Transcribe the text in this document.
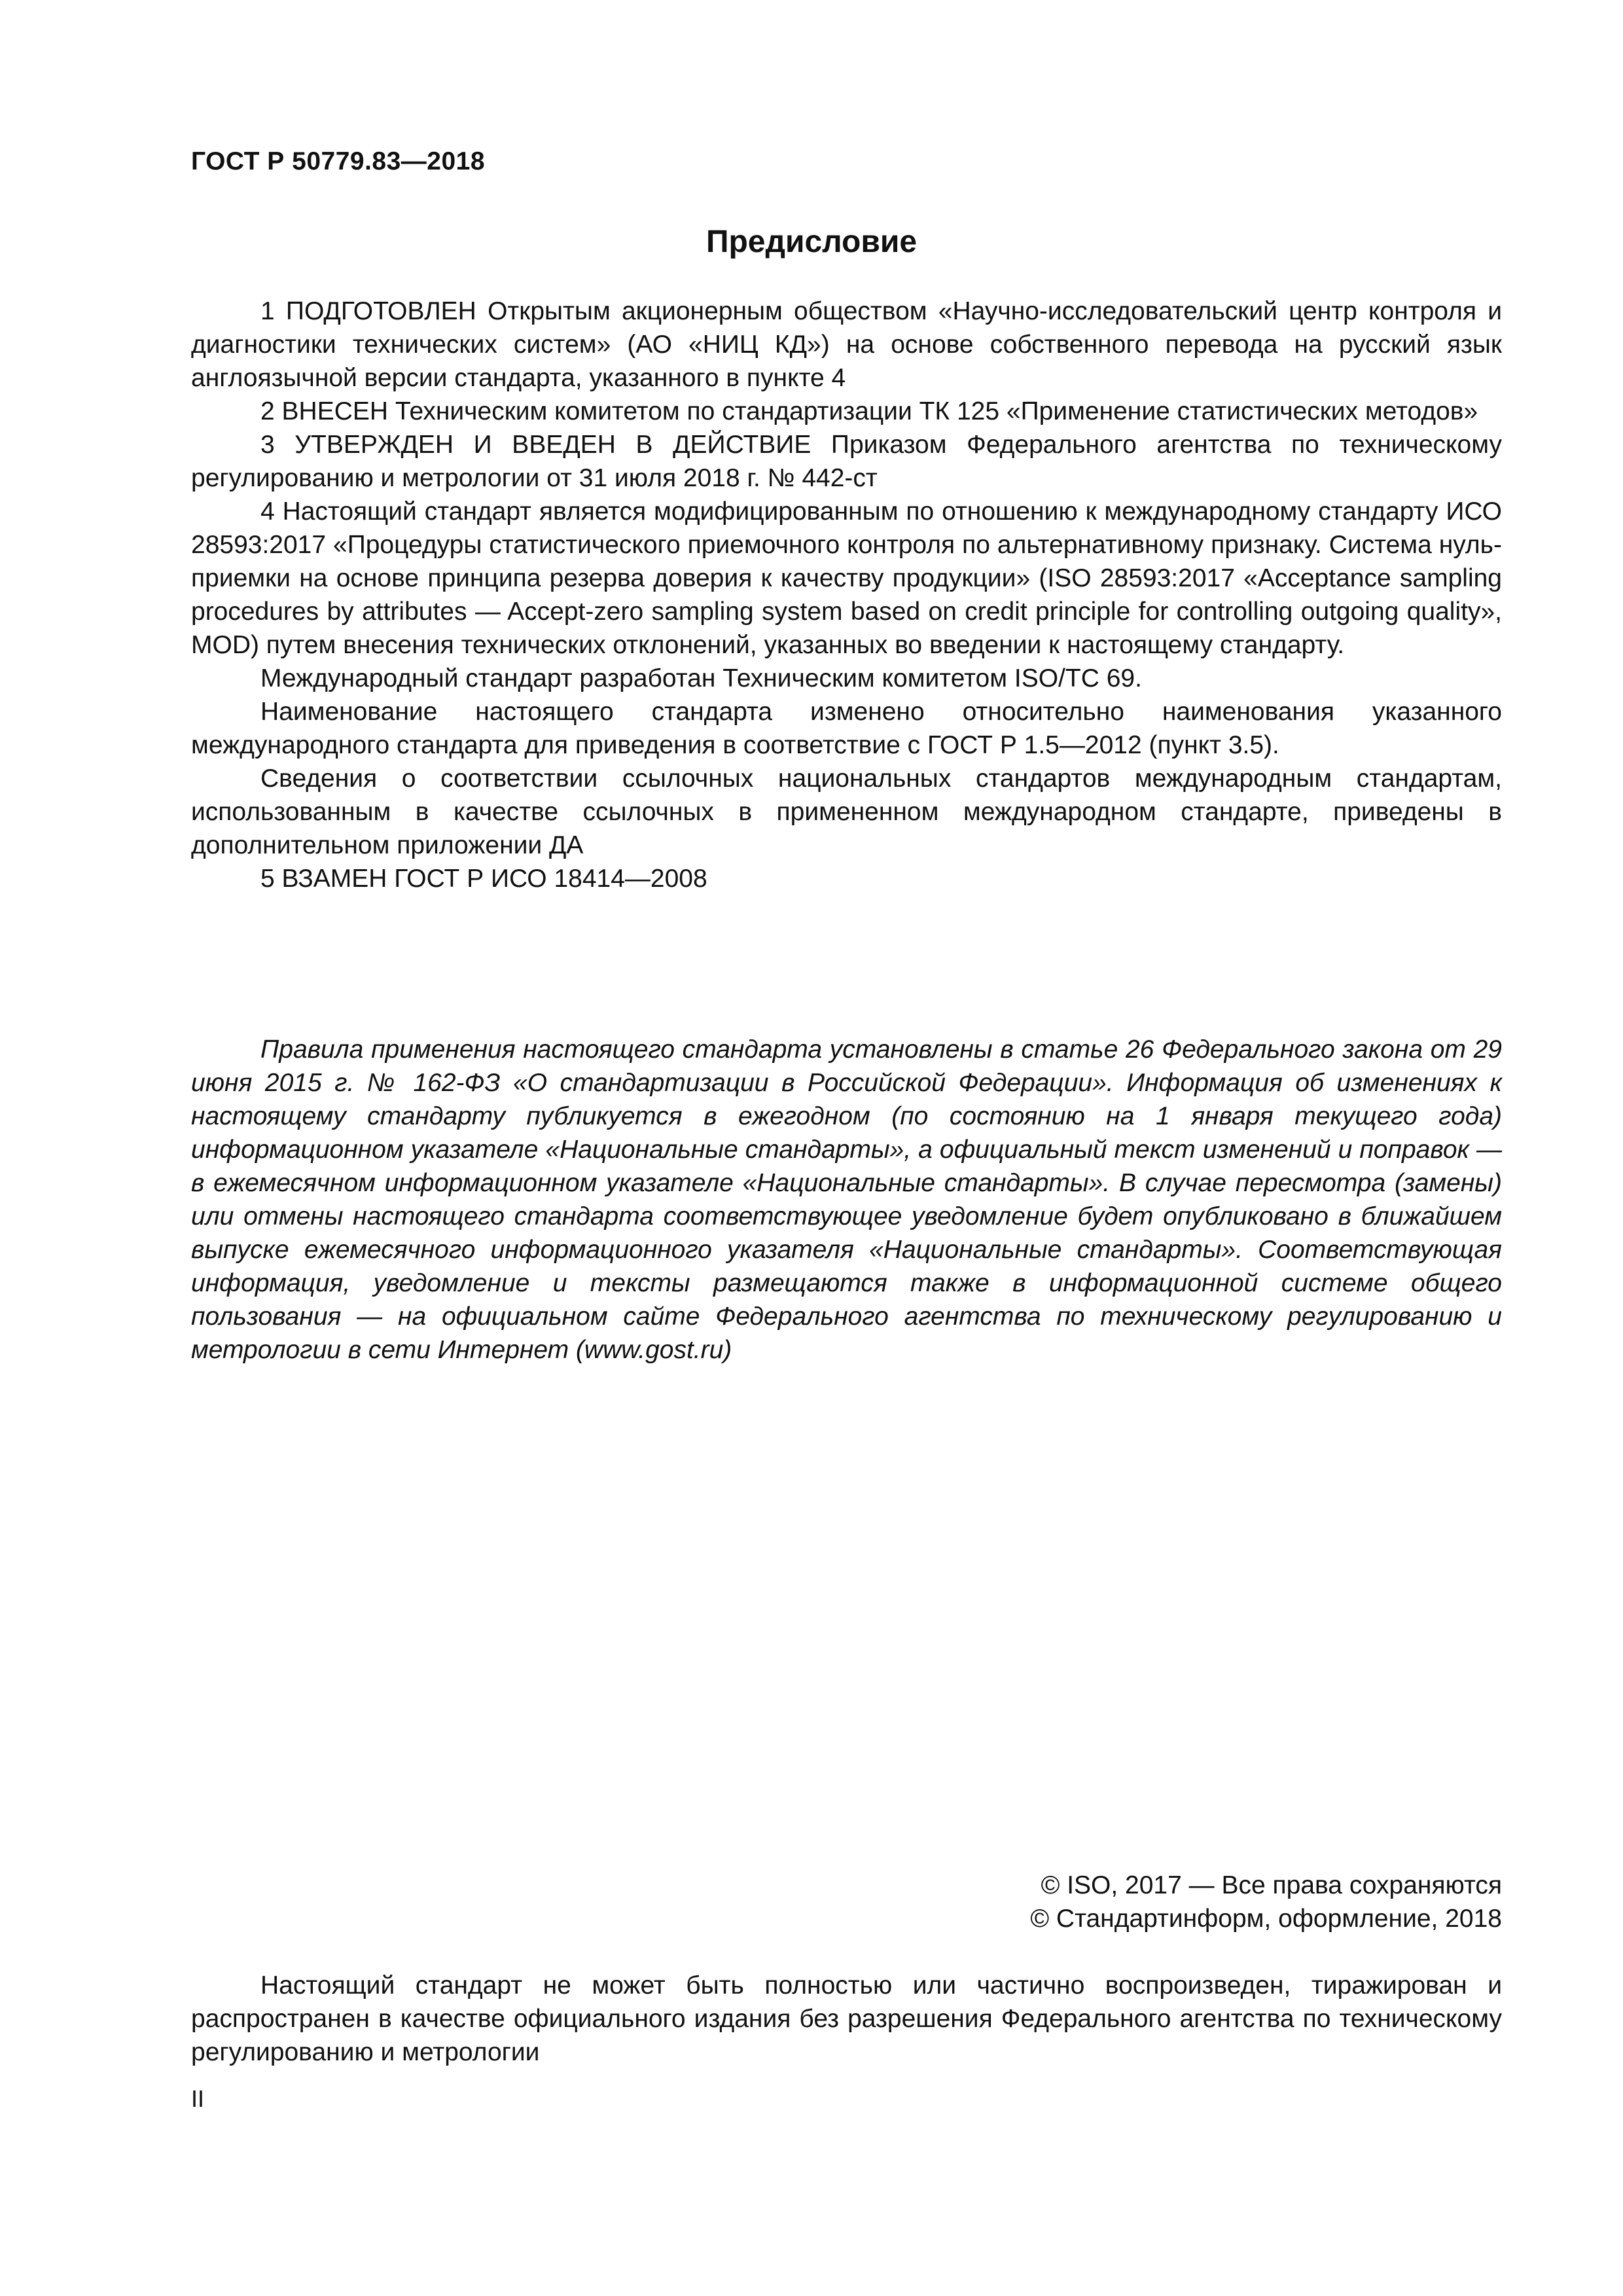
ГОСТ Р 50779.83—2018
Предисловие

1 ПОДГОТОВЛЕН Открытым акционерным обществом «Научно-исследовательский центр контроля и диагностики технических систем» (АО «НИЦ КД») на основе собственного перевода на русский язык англоязычной версии стандарта, указанного в пункте 4

2 ВНЕСЕН Техническим комитетом по стандартизации ТК 125 «Применение статистических методов»

3 УТВЕРЖДЕН И ВВЕДЕН В ДЕЙСТВИЕ Приказом Федерального агентства по техническому регулированию и метрологии от 31 июля 2018 г. № 442-ст

4 Настоящий стандарт является модифицированным по отношению к международному стандарту ИСО 28593:2017 «Процедуры статистического приемочного контроля по альтернативному признаку. Система нуль-приемки на основе принципа резерва доверия к качеству продукции» (ISO 28593:2017 «Acceptance sampling procedures by attributes — Accept-zero sampling system based on credit principle for controlling outgoing quality», MOD) путем внесения технических отклонений, указанных во введении к настоящему стандарту.

Международный стандарт разработан Техническим комитетом ISO/TC 69.

Наименование настоящего стандарта изменено относительно наименования указанного международного стандарта для приведения в соответствие с ГОСТ Р 1.5—2012 (пункт 3.5).

Сведения о соответствии ссылочных национальных стандартов международным стандартам, использованным в качестве ссылочных в примененном международном стандарте, приведены в дополнительном приложении ДА

5 ВЗАМЕН ГОСТ Р ИСО 18414—2008

Правила применения настоящего стандарта установлены в статье 26 Федерального закона от 29 июня 2015 г. № 162-ФЗ «О стандартизации в Российской Федерации». Информация об изменениях к настоящему стандарту публикуется в ежегодном (по состоянию на 1 января текущего года) информационном указателе «Национальные стандарты», а официальный текст изменений и поправок — в ежемесячном информационном указателе «Национальные стандарты». В случае пересмотра (замены) или отмены настоящего стандарта соответствующее уведомление будет опубликовано в ближайшем выпуске ежемесячного информационного указателя «Национальные стандарты». Соответствующая информация, уведомление и тексты размещаются также в информационной системе общего пользования — на официальном сайте Федерального агентства по техническому регулированию и метрологии в сети Интернет (www.gost.ru)
© ISO, 2017 — Все права сохраняются
© Стандартинформ, оформление, 2018
Настоящий стандарт не может быть полностью или частично воспроизведен, тиражирован и распространен в качестве официального издания без разрешения Федерального агентства по техническому регулированию и метрологии
II
